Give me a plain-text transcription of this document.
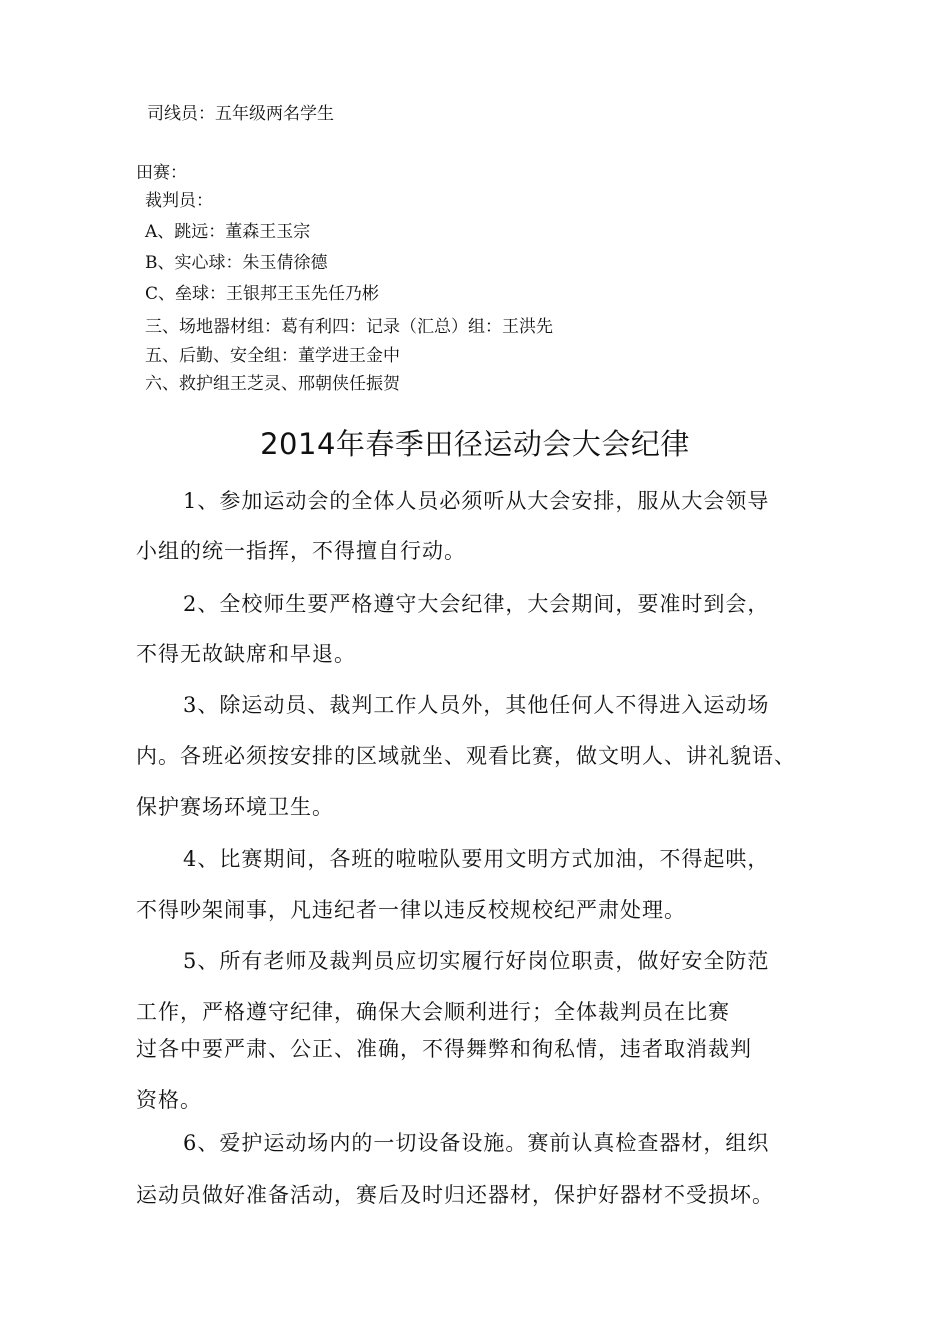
司线员：五年级两名学生
田赛：
裁判员：
A、跳远：董森王玉宗
B、实心球：朱玉倩徐德
C、垒球：王银邦王玉先任乃彬
三、场地器材组：葛有利四：记录（汇总）组：王洪先
五、后勤、安全组：董学进王金中
六、救护组王芝灵、邢朝侠任振贺
2014年春季田径运动会大会纪律
1、参加运动会的全体人员必须听从大会安排，服从大会领导
小组的统一指挥，不得擅自行动。
2、全校师生要严格遵守大会纪律，大会期间，要准时到会，
不得无故缺席和早退。
3、除运动员、裁判工作人员外，其他任何人不得进入运动场
内。各班必须按安排的区域就坐、观看比赛，做文明人、讲礼貌语、
保护赛场环境卫生。
4、比赛期间，各班的啦啦队要用文明方式加油，不得起哄，
不得吵架闹事，凡违纪者一律以违反校规校纪严肃处理。
5、所有老师及裁判员应切实履行好岗位职责，做好安全防范
工作，严格遵守纪律，确保大会顺利进行；全体裁判员在比赛
过各中要严肃、公正、准确，不得舞弊和徇私情，违者取消裁判
资格。
6、爱护运动场内的一切设备设施。赛前认真检查器材，组织
运动员做好准备活动，赛后及时归还器材，保护好器材不受损坏。
